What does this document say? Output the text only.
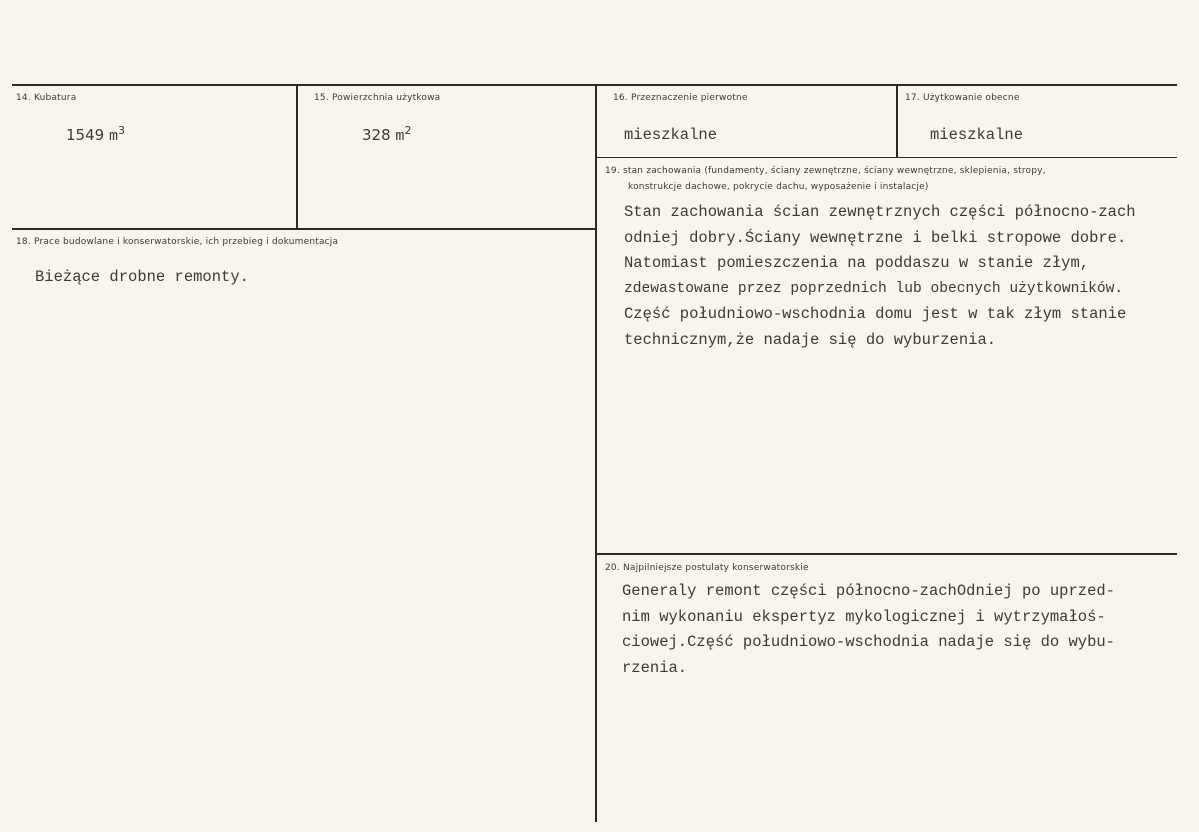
14. Kubatura
1549 $m^3$
15. Powierzchnia użytkowa
328 $m^2$
16. Przeznaczenie pierwotne
mieszkalne
17. Użytkowanie obecne
mieszkalne
18. Prace budowlane i konserwatorskie, ich przebieg i dokumentacja
Bieżące drobne remonty.
19. stan zachowania (fundamenty, ściany zewnętrzne, ściany wewnętrzne, sklepienia, stropy,
konstrukcje dachowe, pokrycie dachu, wyposażenie i instalacje)
Stan zachowania ścian zewnętrznych części północno-zach
odniej dobry.Ściany wewnętrzne i belki stropowe dobre.
Natomiast pomieszczenia na poddaszu w stanie złym,
zdewastowane przez poprzednich lub obecnych użytkowników.
Część południowo-wschodnia domu jest w tak złym stanie
technicznym,że nadaje się do wyburzenia.
20. Najpilniejsze postulaty konserwatorskie
Generaly remont części północno-zachOdniej po uprzed-
nim wykonaniu ekspertyz mykologicznej i wytrzymałoś-
ciowej.Część południowo-wschodnia nadaje się do wybu-
rzenia.
